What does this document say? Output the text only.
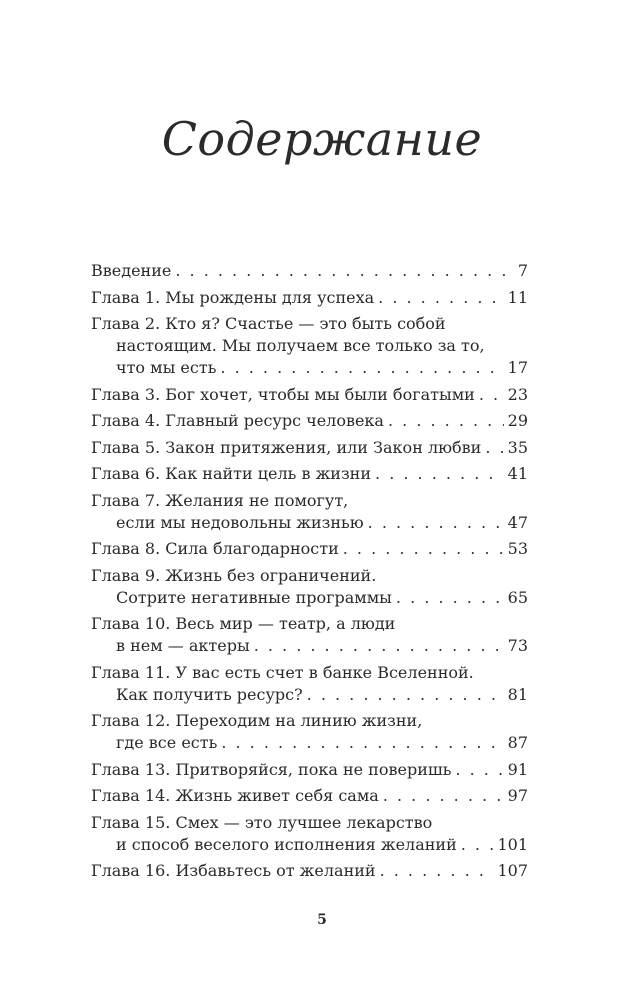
Содержание
Введение . . .	7
Глава 1. Мы рождены для успеха . . .	11
Глава 2. Кто я? Счастье — это быть собой
настоящим. Мы получаем все только за то,
что мы есть . . .	17
Глава 3. Бог хочет, чтобы мы были богатыми . . . 23
Глава 4. Главный ресурс человека . . .	29
Глава 5. Закон притяжения, или Закон любви . . . 35
Глава 6. Как найти цель в жизни . . .	41
Глава 7. Желания не помогут,
если мы недовольны жизнью . . .	47
Глава 8. Сила благодарности . . .	53
Глава 9. Жизнь без ограничений.
Сотрите негативные программы . . .	65
Глава 10. Весь мир — театр, а люди
в нем — актеры . . .	73
Глава 11. У вас есть счет в банке Вселенной.
Как получить ресурс? . . .	81
Глава 12. Переходим на линию жизни,
где все есть . . .	87
Глава 13. Притворяйся, пока не поверишь . . .	91
Глава 14. Жизнь живет себя сама . . .	97
Глава 15. Смех — это лучшее лекарство
и способ веселого исполнения желаний . . .	101
Глава 16. Избавьтесь от желаний . . .	107
5
